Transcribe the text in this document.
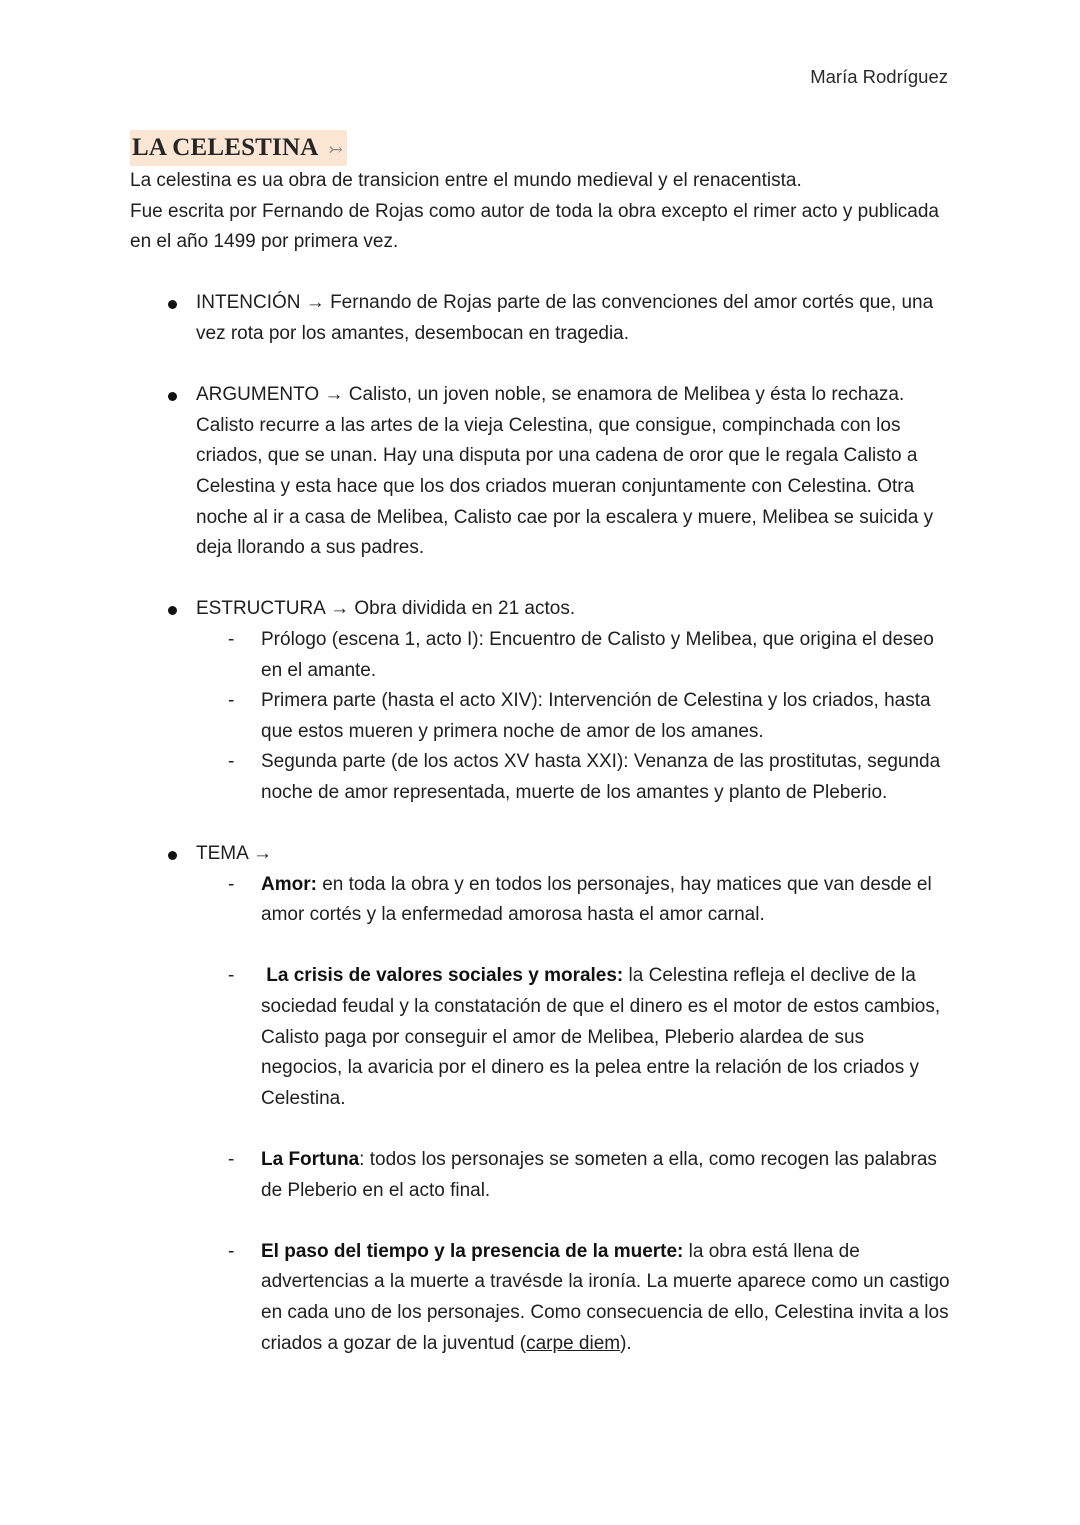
María Rodríguez
LA CELESTINA ↣

La celestina es ua obra de transicion entre el mundo medieval y el renacentista.

Fue escrita por Fernando de Rojas como autor de toda la obra excepto el rimer acto y publicada en el año 1499 por primera vez.

INTENCIÓN → Fernando de Rojas parte de las convenciones del amor cortés que, una vez rota por los amantes, desembocan en tragedia.
ARGUMENTO → Calisto, un joven noble, se enamora de Melibea y ésta lo rechaza. Calisto recurre a las artes de la vieja Celestina, que consigue, compinchada con los criados, que se unan. Hay una disputa por una cadena de oror que le regala Calisto a Celestina y esta hace que los dos criados mueran conjuntamente con Celestina. Otra noche al ir a casa de Melibea, Calisto cae por la escalera y muere, Melibea se suicida y deja llorando a sus padres.
ESTRUCTURA → Obra dividida en 21 actos.
- Prólogo (escena 1, acto I): Encuentro de Calisto y Melibea, que origina el deseo en el amante.
- Primera parte (hasta el acto XIV): Intervención de Celestina y los criados, hasta que estos mueren y primera noche de amor de los amanes.
- Segunda parte (de los actos XV hasta XXI): Venanza de las prostitutas, segunda noche de amor representada, muerte de los amantes y planto de Pleberio.
TEMA →
- Amor: en toda la obra y en todos los personajes, hay matices que van desde el amor cortés y la enfermedad amorosa hasta el amor carnal.
- La crisis de valores sociales y morales: la Celestina refleja el declive de la sociedad feudal y la constatación de que el dinero es el motor de estos cambios, Calisto paga por conseguir el amor de Melibea, Pleberio alardea de sus negocios, la avaricia por el dinero es la pelea entre la relación de los criados y Celestina.
- La Fortuna: todos los personajes se someten a ella, como recogen las palabras de Pleberio en el acto final.
- El paso del tiempo y la presencia de la muerte: la obra está llena de advertencias a la muerte a travésde la ironía. La muerte aparece como un castigo en cada uno de los personajes. Como consecuencia de ello, Celestina invita a los criados a gozar de la juventud (carpe diem).
